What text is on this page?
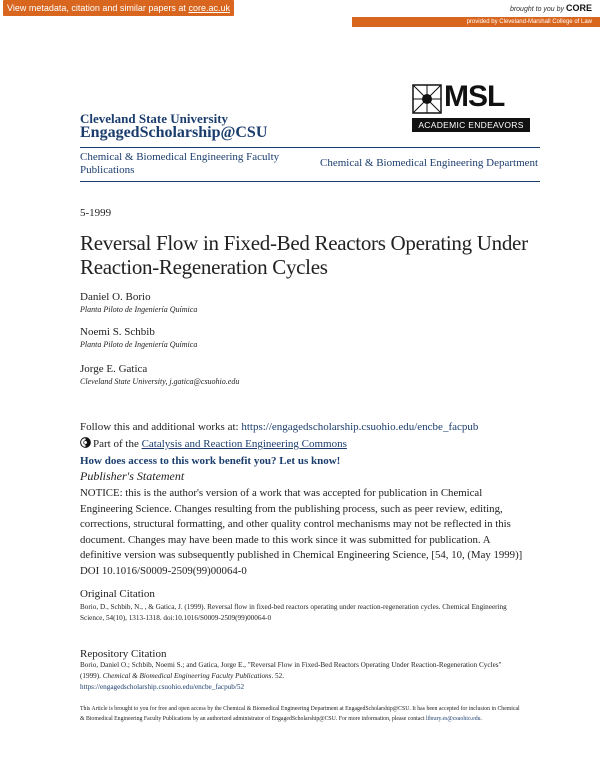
View metadata, citation and similar papers at core.ac.uk	brought to you by CORE
provided by Cleveland-Marshall College of Law
Cleveland State University
EngagedScholarship@CSU
MSL
ACADEMIC ENDEAVORS
Chemical & Biomedical Engineering Faculty Publications
Chemical & Biomedical Engineering Department
5-1999
Reversal Flow in Fixed-Bed Reactors Operating Under Reaction-Regeneration Cycles
Daniel O. Borio
Planta Piloto de Ingeniería Química
Noemi S. Schbib
Planta Piloto de Ingeniería Química
Jorge E. Gatica
Cleveland State University, j.gatica@csuohio.edu
Follow this and additional works at: https://engagedscholarship.csuohio.edu/encbe_facpub
Part of the Catalysis and Reaction Engineering Commons
How does access to this work benefit you? Let us know!
Publisher's Statement
NOTICE: this is the author's version of a work that was accepted for publication in Chemical Engineering Science. Changes resulting from the publishing process, such as peer review, editing, corrections, structural formatting, and other quality control mechanisms may not be reflected in this document. Changes may have been made to this work since it was submitted for publication. A definitive version was subsequently published in Chemical Engineering Science, [54, 10, (May 1999)] DOI 10.1016/S0009-2509(99)00064-0
Original Citation
Borio, D., Schbib, N., , & Gatica, J. (1999). Reversal flow in fixed-bed reactors operating under reaction-regeneration cycles. Chemical Engineering Science, 54(10), 1313-1318. doi:10.1016/S0009-2509(99)00064-0
Repository Citation
Borio, Daniel O.; Schbib, Noemi S.; and Gatica, Jorge E., "Reversal Flow in Fixed-Bed Reactors Operating Under Reaction-Regeneration Cycles" (1999). Chemical & Biomedical Engineering Faculty Publications. 52.
https://engagedscholarship.csuohio.edu/encbe_facpub/52
This Article is brought to you for free and open access by the Chemical & Biomedical Engineering Department at EngagedScholarship@CSU. It has been accepted for inclusion in Chemical & Biomedical Engineering Faculty Publications by an authorized administrator of EngagedScholarship@CSU. For more information, please contact library.es@csuohio.edu.
